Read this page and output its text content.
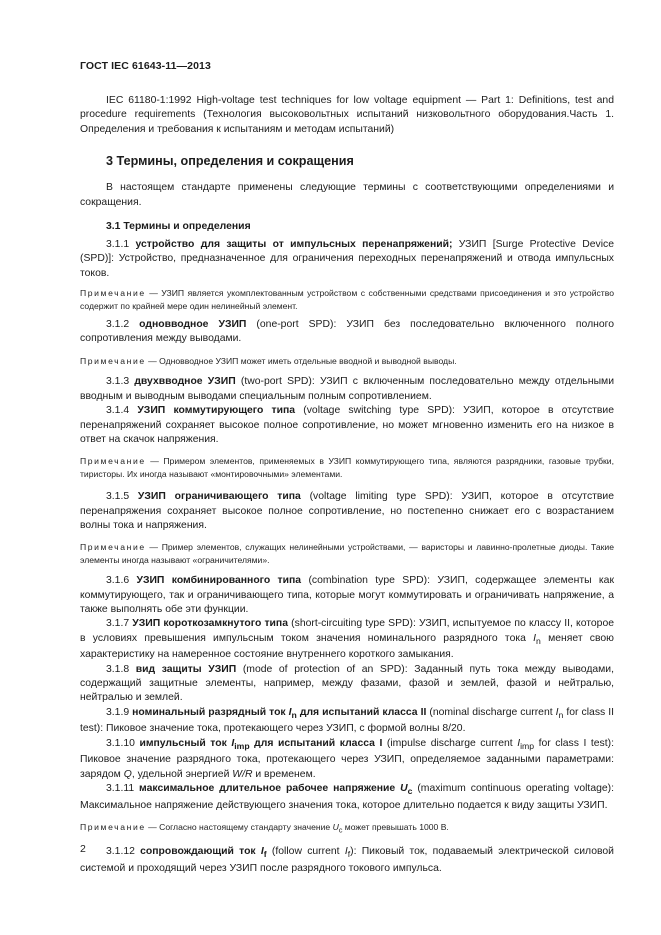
ГОСТ IEC 61643-11—2013

IEC 61180-1:1992 High-voltage test techniques for low voltage equipment — Part 1: Definitions, test and procedure requirements (Технология высоковольтных испытаний низковольтного оборудования.Часть 1. Определения и требования к испытаниям и методам испытаний)

3 Термины, определения и сокращения

В настоящем стандарте применены следующие термины с соответствующими определениями и сокращения.

3.1 Термины и определения

3.1.1 устройство для защиты от импульсных перенапряжений; УЗИП [Surge Protective Device (SPD)]: Устройство, предназначенное для ограничения переходных перенапряжений и отвода импульсных токов.

Примечание — УЗИП является укомплектованным устройством с собственными средствами присоединения и это устройство содержит по крайней мере один нелинейный элемент.

3.1.2 одновводное УЗИП (one-port SPD): УЗИП без последовательно включенного полного сопротивления между выводами.

Примечание — Одновводное УЗИП может иметь отдельные вводной и выводной выводы.

3.1.3 двухвводное УЗИП (two-port SPD): УЗИП с включенным последовательно между отдельными вводным и выводным выводами специальным полным сопротивлением.

3.1.4 УЗИП коммутирующего типа (voltage switching type SPD): УЗИП, которое в отсутствие перенапряжений сохраняет высокое полное сопротивление, но может мгновенно изменить его на низкое в ответ на скачок напряжения.

Примечание — Примером элементов, применяемых в УЗИП коммутирующего типа, являются разрядники, газовые трубки, тиристоры. Их иногда называют «монтировочными» элементами.

3.1.5 УЗИП ограничивающего типа (voltage limiting type SPD): УЗИП, которое в отсутствие перенапряжения сохраняет высокое полное сопротивление, но постепенно снижает его с возрастанием волны тока и напряжения.

Примечание — Пример элементов, служащих нелинейными устройствами, — варисторы и лавинно-пролетные диоды. Такие элементы иногда называют «ограничителями».

3.1.6 УЗИП комбинированного типа (combination type SPD): УЗИП, содержащее элементы как коммутирующего, так и ограничивающего типа, которые могут коммутировать и ограничивать напряжение, а также выполнять обе эти функции.

3.1.7 УЗИП короткозамкнутого типа (short-circuiting type SPD): УЗИП, испытуемое по классу II, которое в условиях превышения импульсным током значения номинального разрядного тока $I_n$ меняет свою характеристику на намеренное состояние внутреннего короткого замыкания.

3.1.8 вид защиты УЗИП (mode of protection of an SPD): Заданный путь тока между выводами, содержащий защитные элементы, например, между фазами, фазой и землей, фазой и нейтралью, нейтралью и землей.

3.1.9 номинальный разрядный ток $I_n$ для испытаний класса II (nominal discharge current $I_n$ for class II test): Пиковое значение тока, протекающего через УЗИП, с формой волны 8/20.

3.1.10 импульсный ток $I_{imp}$ для испытаний класса I (impulse discharge current $I_{imp}$ for class I test): Пиковое значение разрядного тока, протекающего через УЗИП, определяемое заданными параметрами: зарядом Q, удельной энергией W/R и временем.

3.1.11 максимальное длительное рабочее напряжение $U_c$ (maximum continuous operating voltage): Максимальное напряжение действующего значения тока, которое длительно подается к виду защиты УЗИП.

Примечание — Согласно настоящему стандарту значение $U_c$ может превышать 1000 В.

3.1.12 сопровождающий ток $I_f$ (follow current $I_f$): Пиковый ток, подаваемый электрической силовой системой и проходящий через УЗИП после разрядного токового импульса.

2
